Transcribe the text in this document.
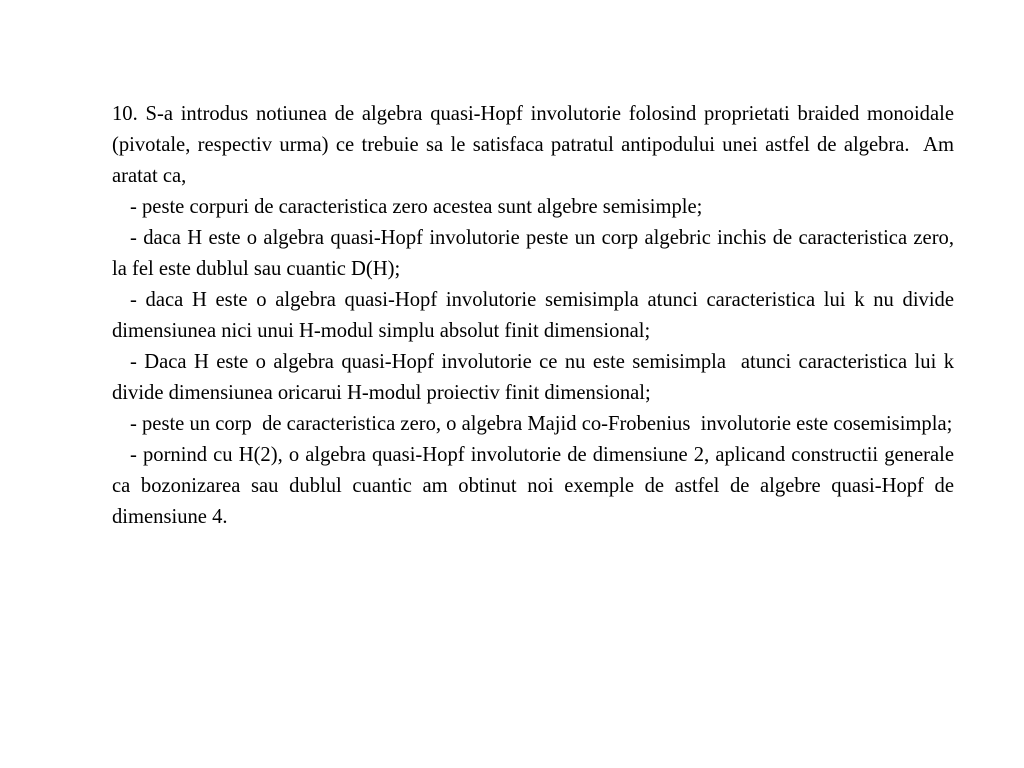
10. S-a introdus notiunea de algebra quasi-Hopf involutorie folosind proprietati braided monoidale (pivotale, respectiv urma) ce trebuie sa le satisfaca patratul antipodului unei astfel de algebra.  Am aratat ca,

- peste corpuri de caracteristica zero acestea sunt algebre semisimple;

- daca H este o algebra quasi-Hopf involutorie peste un corp algebric inchis de caracteristica zero, la fel este dublul sau cuantic D(H);

- daca H este o algebra quasi-Hopf involutorie semisimpla atunci caracteristica lui k nu divide dimensiunea nici unui H-modul simplu absolut finit dimensional;

- Daca H este o algebra quasi-Hopf involutorie ce nu este semisimpla  atunci caracteristica lui k divide dimensiunea oricarui H-modul proiectiv finit dimensional;

- peste un corp  de caracteristica zero, o algebra Majid co-Frobenius  involutorie este cosemisimpla;

- pornind cu H(2), o algebra quasi-Hopf involutorie de dimensiune 2, aplicand constructii generale ca bozonizarea sau dublul cuantic am obtinut noi exemple de astfel de algebre quasi-Hopf de dimensiune 4.
